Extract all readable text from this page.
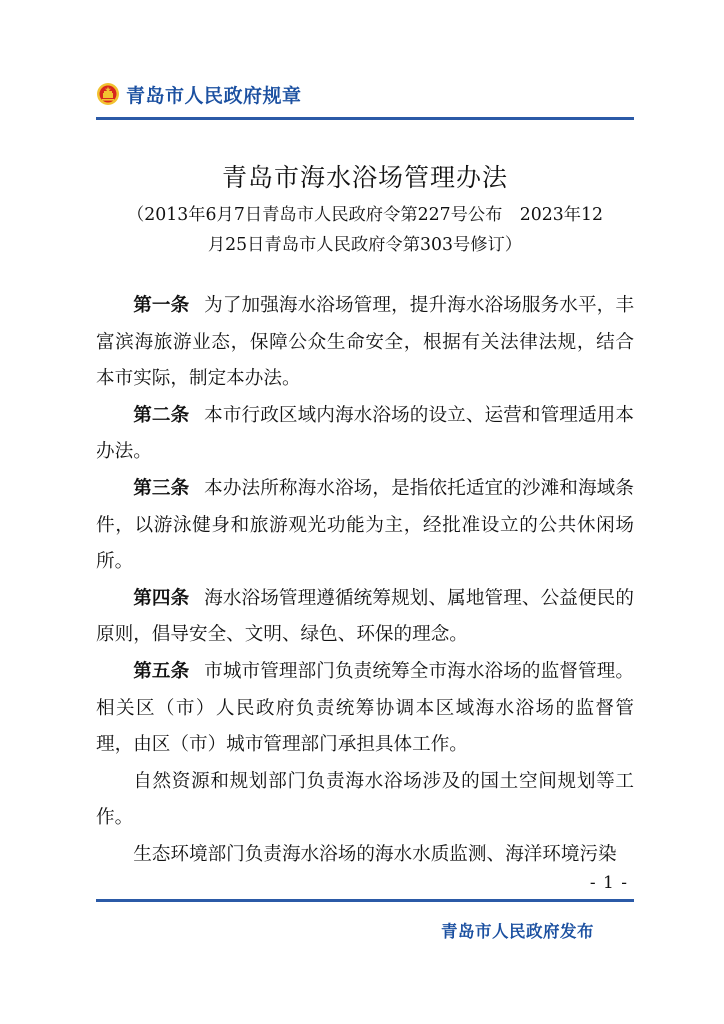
青岛市人民政府规章
青岛市海水浴场管理办法
（2013年6月7日青岛市人民政府令第227号公布　2023年12
月25日青岛市人民政府令第303号修订）

第一条 为了加强海水浴场管理，提升海水浴场服务水平，丰富滨海旅游业态，保障公众生命安全，根据有关法律法规，结合本市实际，制定本办法。

第二条 本市行政区域内海水浴场的设立、运营和管理适用本办法。

第三条 本办法所称海水浴场，是指依托适宜的沙滩和海域条件，以游泳健身和旅游观光功能为主，经批准设立的公共休闲场所。

第四条 海水浴场管理遵循统筹规划、属地管理、公益便民的原则，倡导安全、文明、绿色、环保的理念。

第五条 市城市管理部门负责统筹全市海水浴场的监督管理。相关区（市）人民政府负责统筹协调本区域海水浴场的监督管理，由区（市）城市管理部门承担具体工作。

自然资源和规划部门负责海水浴场涉及的国土空间规划等工作。

生态环境部门负责海水浴场的海水水质监测、海洋环境污染

- 1 -
青岛市人民政府发布
